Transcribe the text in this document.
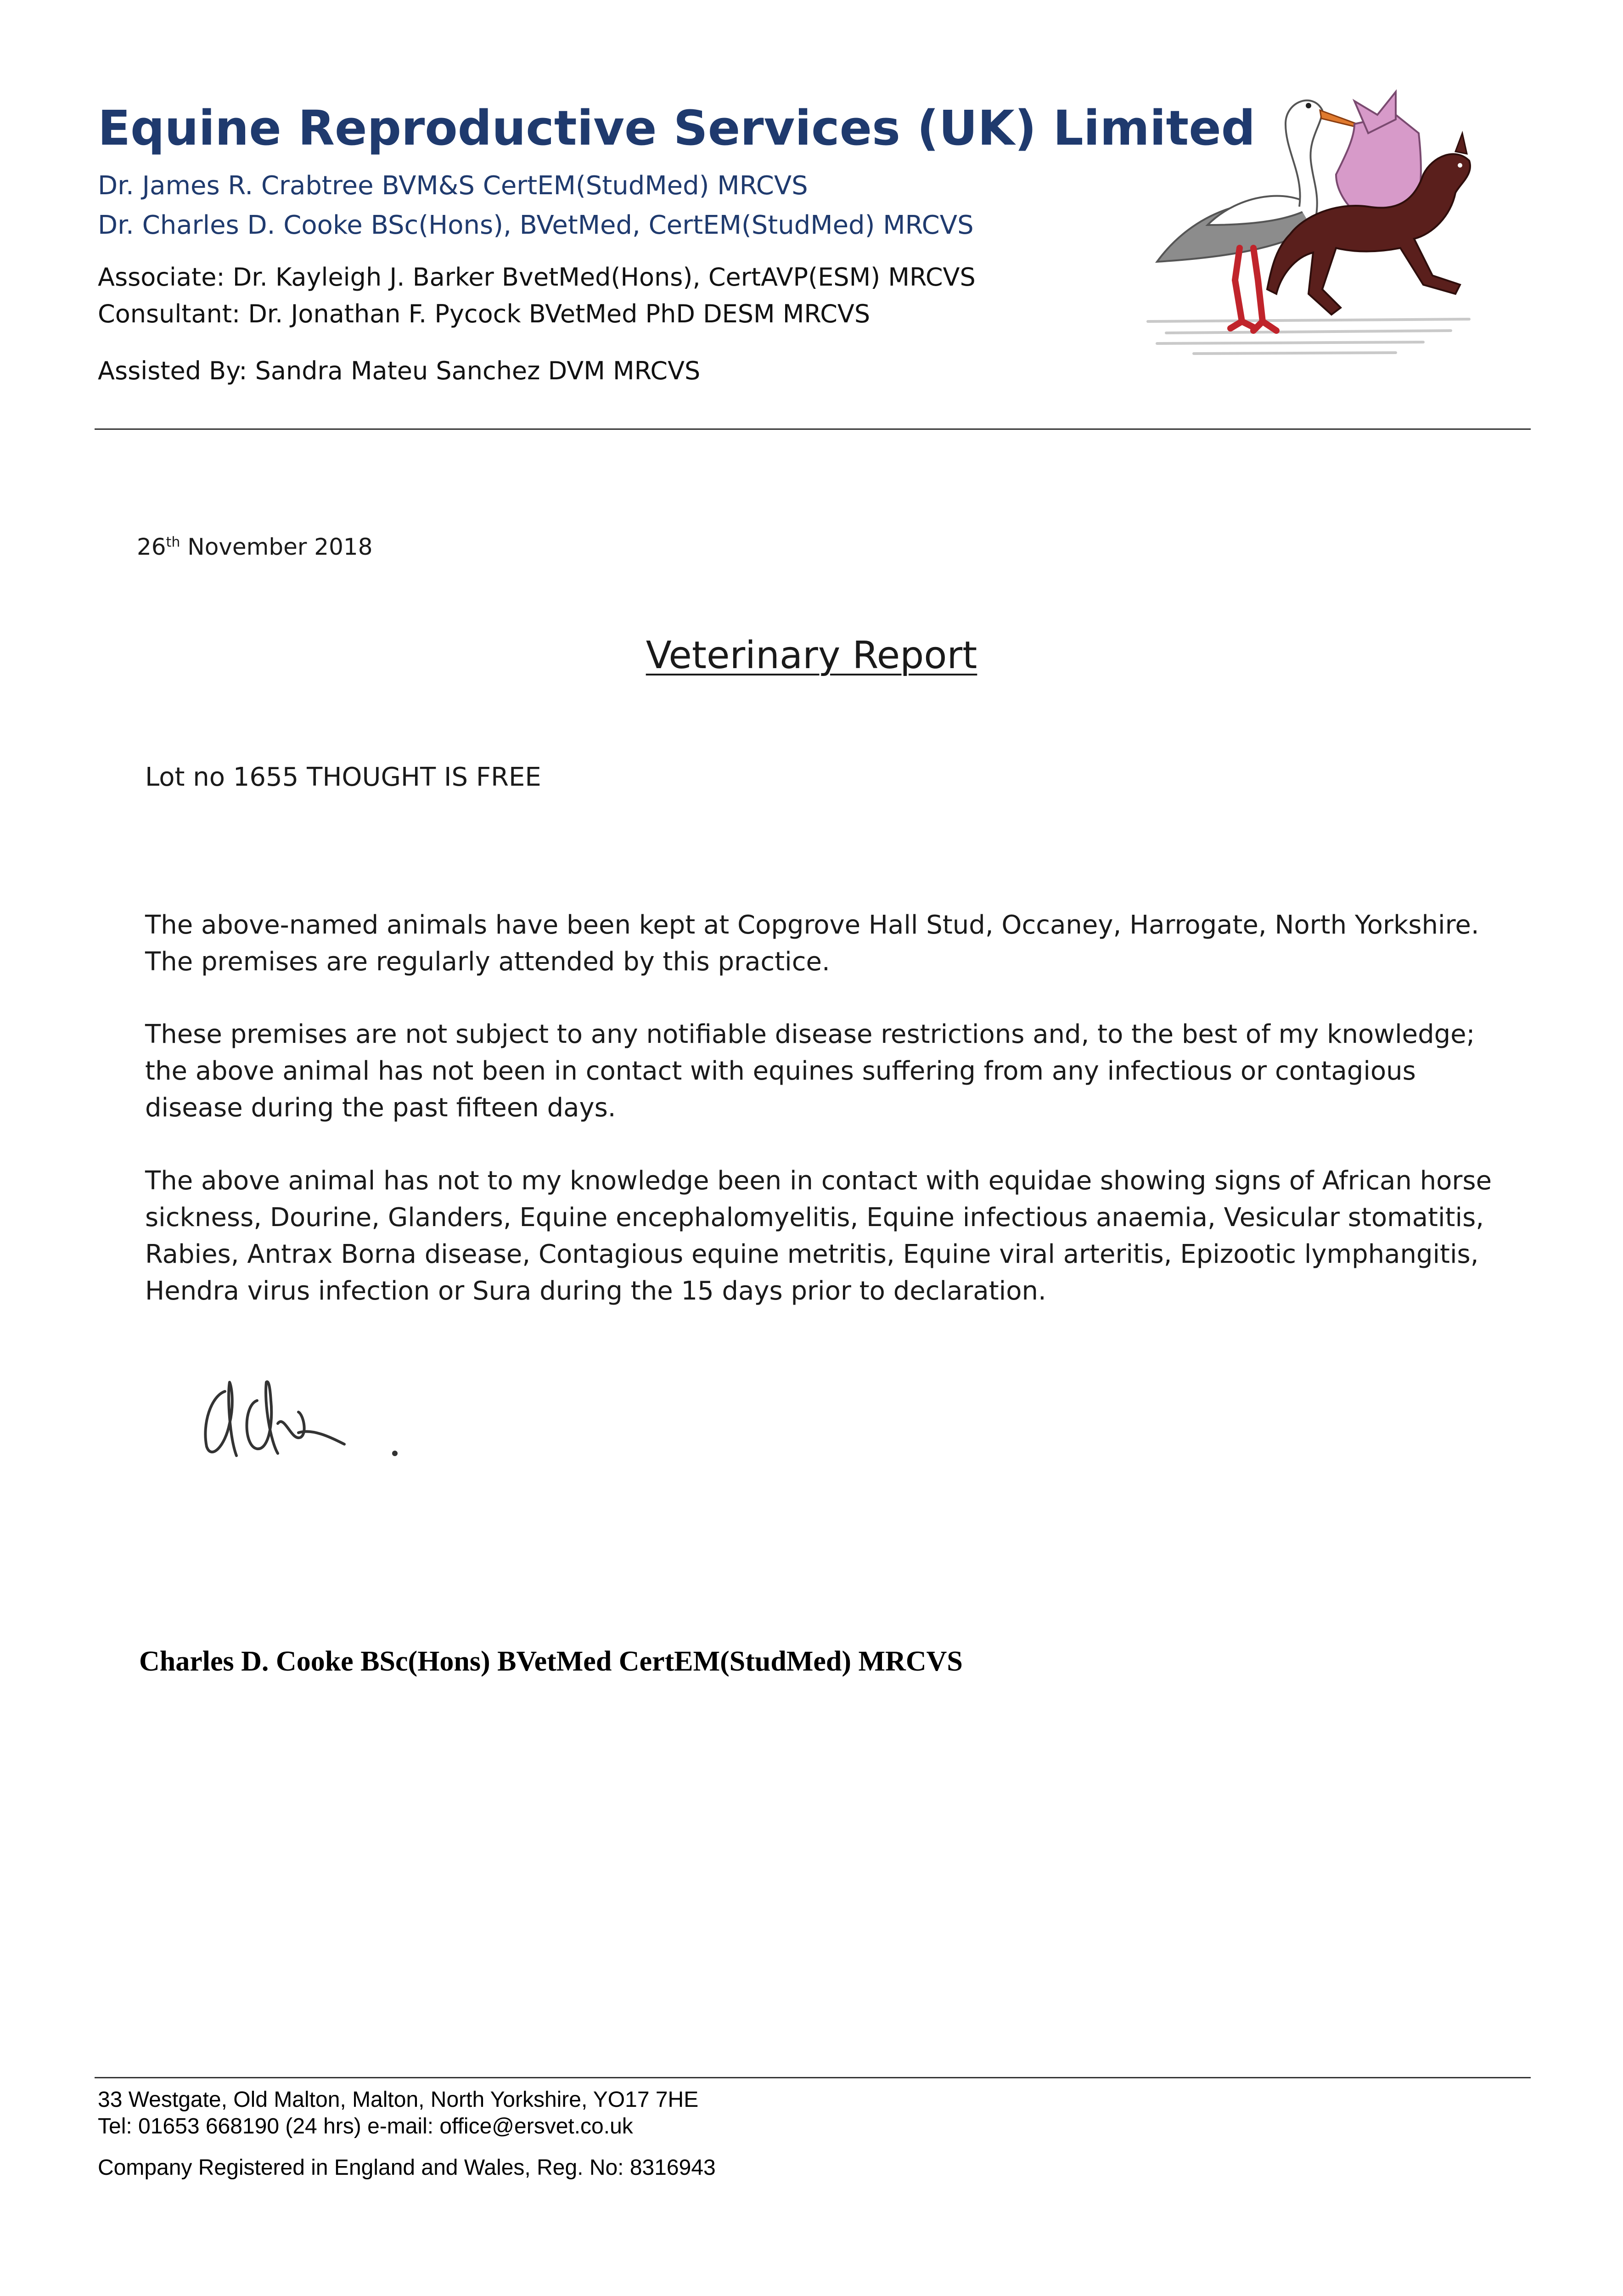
Equine Reproductive Services (UK) Limited
Dr. James R. Crabtree BVM&S CertEM(StudMed) MRCVS
Dr. Charles D. Cooke BSc(Hons), BVetMed, CertEM(StudMed) MRCVS
Associate: Dr. Kayleigh J. Barker BvetMed(Hons), CertAVP(ESM) MRCVS
Consultant: Dr. Jonathan F. Pycock BVetMed PhD DESM MRCVS
Assisted By: Sandra Mateu Sanchez DVM MRCVS
26th November 2018
Veterinary Report
Lot no 1655 THOUGHT IS FREE
The above-named animals have been kept at Copgrove Hall Stud, Occaney, Harrogate, North Yorkshire. The premises are regularly attended by this practice.
These premises are not subject to any notifiable disease restrictions and, to the best of my knowledge; the above animal has not been in contact with equines suffering from any infectious or contagious disease during the past fifteen days.
The above animal has not to my knowledge been in contact with equidae showing signs of African horse sickness, Dourine, Glanders, Equine encephalomyelitis, Equine infectious anaemia, Vesicular stomatitis, Rabies, Antrax Borna disease, Contagious equine metritis, Equine viral arteritis, Epizootic lymphangitis, Hendra virus infection or Sura during the 15 days prior to declaration.
Charles D. Cooke BSc(Hons) BVetMed CertEM(StudMed) MRCVS
33 Westgate, Old Malton, Malton, North Yorkshire, YO17 7HE
Tel: 01653 668190 (24 hrs) e-mail: office@ersvet.co.uk
Company Registered in England and Wales, Reg. No: 8316943
